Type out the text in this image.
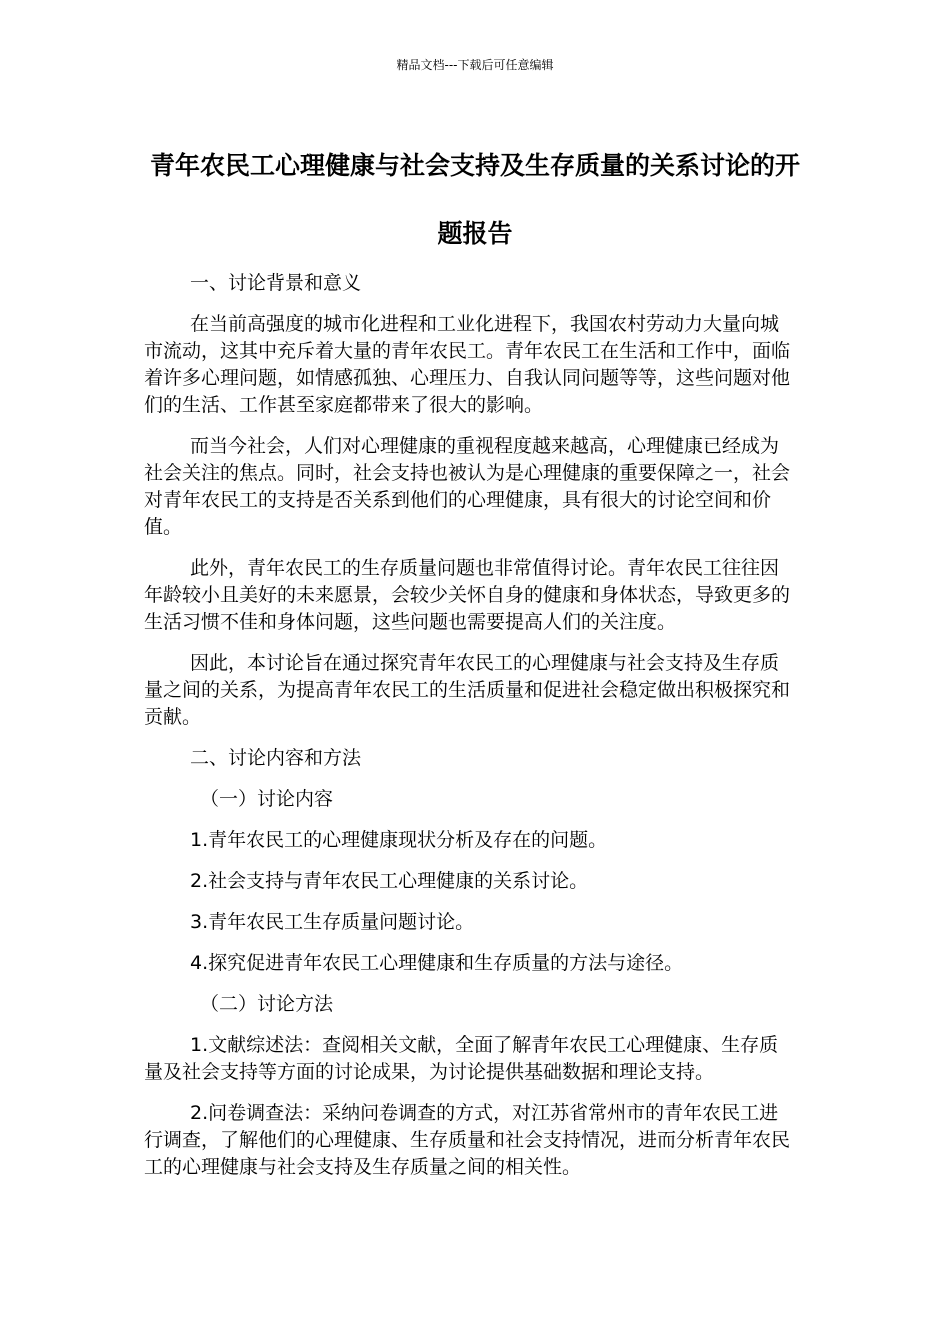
精品文档---下载后可任意编辑
青年农民工心理健康与社会支持及生存质量的关系讨论的开题报告

一、讨论背景和意义

在当前高强度的城市化进程和工业化进程下，我国农村劳动力大量向城市流动，这其中充斥着大量的青年农民工。青年农民工在生活和工作中，面临着许多心理问题，如情感孤独、心理压力、自我认同问题等等，这些问题对他们的生活、工作甚至家庭都带来了很大的影响。

而当今社会，人们对心理健康的重视程度越来越高，心理健康已经成为社会关注的焦点。同时，社会支持也被认为是心理健康的重要保障之一，社会对青年农民工的支持是否关系到他们的心理健康，具有很大的讨论空间和价值。

此外，青年农民工的生存质量问题也非常值得讨论。青年农民工往往因年龄较小且美好的未来愿景，会较少关怀自身的健康和身体状态，导致更多的生活习惯不佳和身体问题，这些问题也需要提高人们的关注度。

因此，本讨论旨在通过探究青年农民工的心理健康与社会支持及生存质量之间的关系，为提高青年农民工的生活质量和促进社会稳定做出积极探究和贡献。

二、讨论内容和方法

（一）讨论内容

1.青年农民工的心理健康现状分析及存在的问题。

2.社会支持与青年农民工心理健康的关系讨论。

3.青年农民工生存质量问题讨论。

4.探究促进青年农民工心理健康和生存质量的方法与途径。

（二）讨论方法

1.文献综述法：查阅相关文献，全面了解青年农民工心理健康、生存质量及社会支持等方面的讨论成果，为讨论提供基础数据和理论支持。

2.问卷调查法：采纳问卷调查的方式，对江苏省常州市的青年农民工进行调查，了解他们的心理健康、生存质量和社会支持情况，进而分析青年农民工的心理健康与社会支持及生存质量之间的相关性。
